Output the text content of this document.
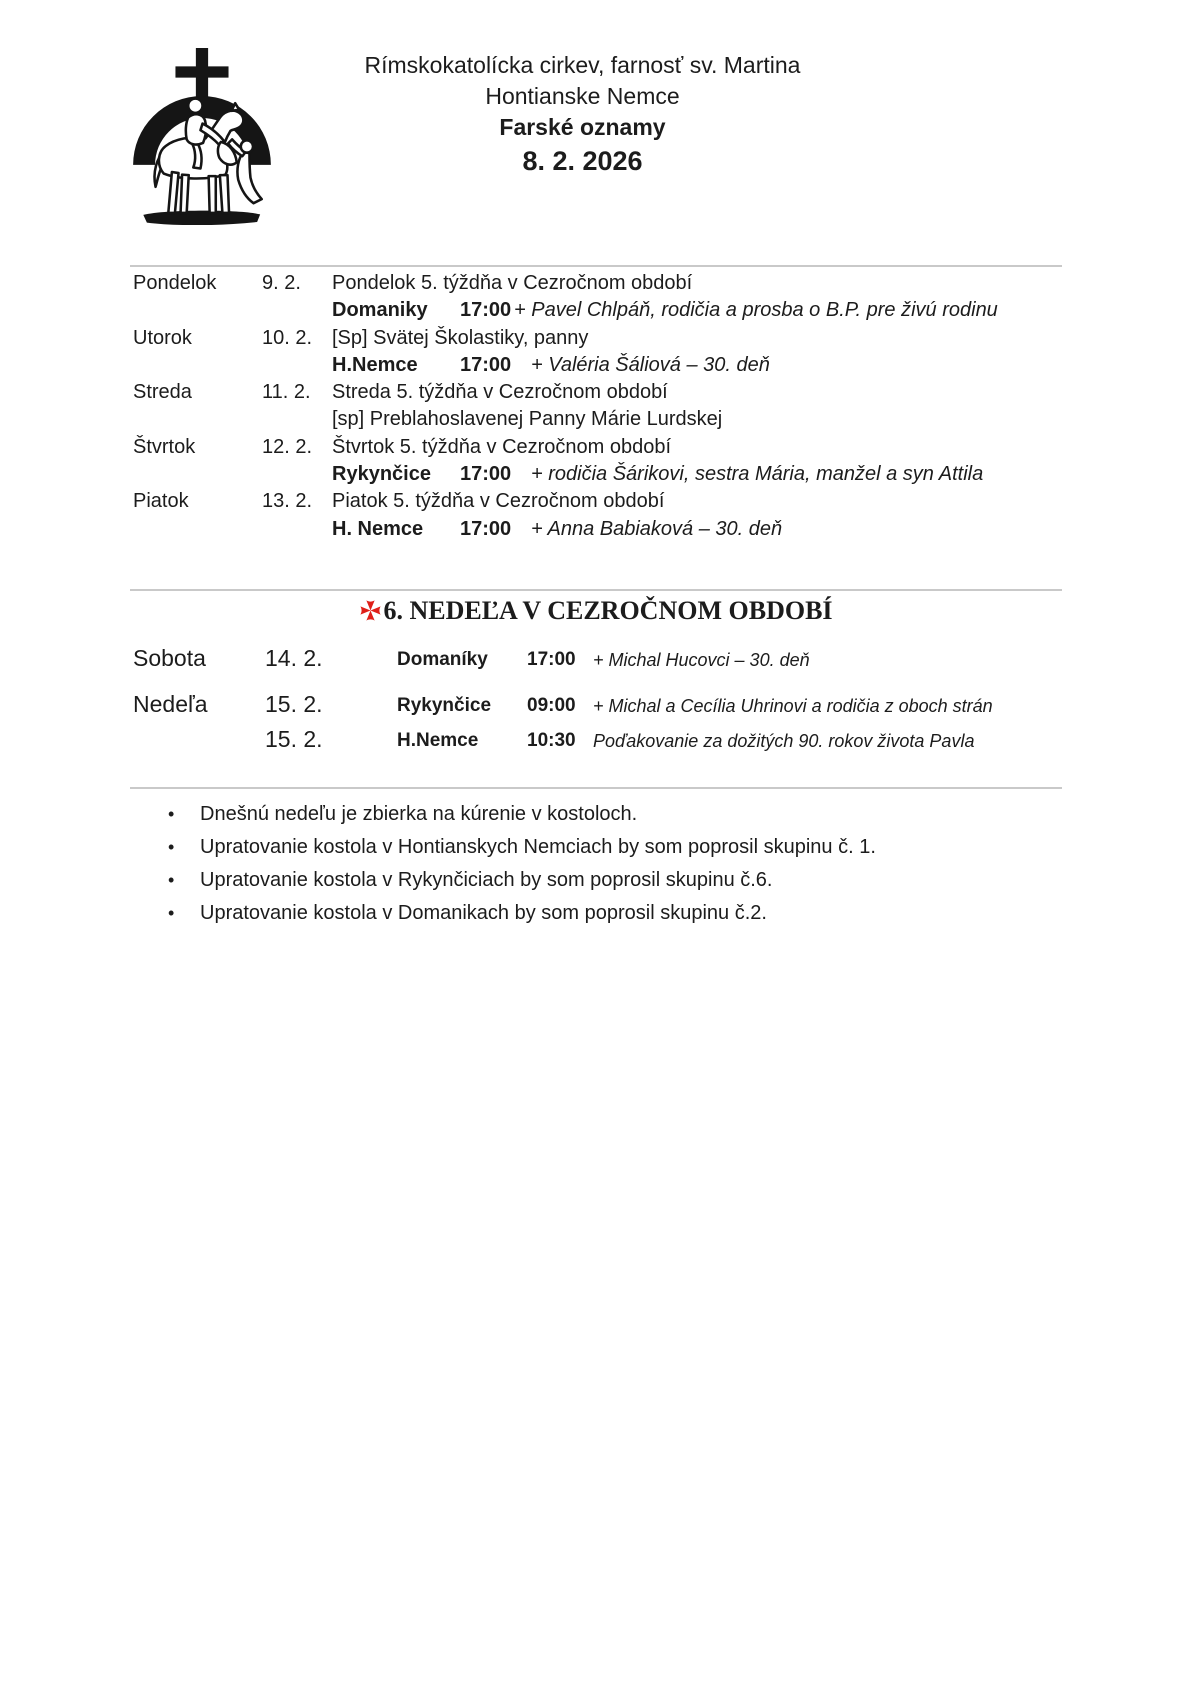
Rímskokatolícka cirkev, farnosť sv. Martina
Hontianske Nemce
Farské oznamy
8. 2. 2026
Pondelok 9. 2. Pondelok 5. týždňa v Cezročnom období
Domaniky 17:00 + Pavel Chlpáň, rodičia a prosba o B.P. pre živú rodinu
Utorok	10. 2. [Sp] Svätej Školastiky, panny
H.Nemce 17:00 + Valéria Šáliová – 30. deň
Streda	11. 2. Streda 5. týždňa v Cezročnom období
[sp] Preblahoslavenej Panny Márie Lurdskej
Štvrtok	12. 2. Štvrtok 5. týždňa v Cezročnom období
Rykynčice 17:00 + rodičia Šárikovi, sestra Mária, manžel a syn Attila
Piatok	13. 2. Piatok 5. týždňa v Cezročnom období
H. Nemce 17:00 + Anna Babiaková – 30. deň
6. NEDEĽA V CEZROČNOM OBDOBÍ
Sobota	14. 2.	Domaníky 17:00 + Michal Hucovci – 30. deň
Nedeľa	15. 2.	Rykynčice 09:00 + Michal a Cecília Uhrinovi a rodičia z oboch strán
15. 2.	H.Nemce	10:30 Poďakovanie za dožitých 90. rokov života Pavla
• Dnešnú nedeľu je zbierka na kúrenie v kostoloch.
• Upratovanie kostola v Hontianskych Nemciach by som poprosil skupinu č. 1.
• Upratovanie kostola v Rykynčiciach by som poprosil skupinu č.6.
• Upratovanie kostola v Domanikach by som poprosil skupinu č.2.
